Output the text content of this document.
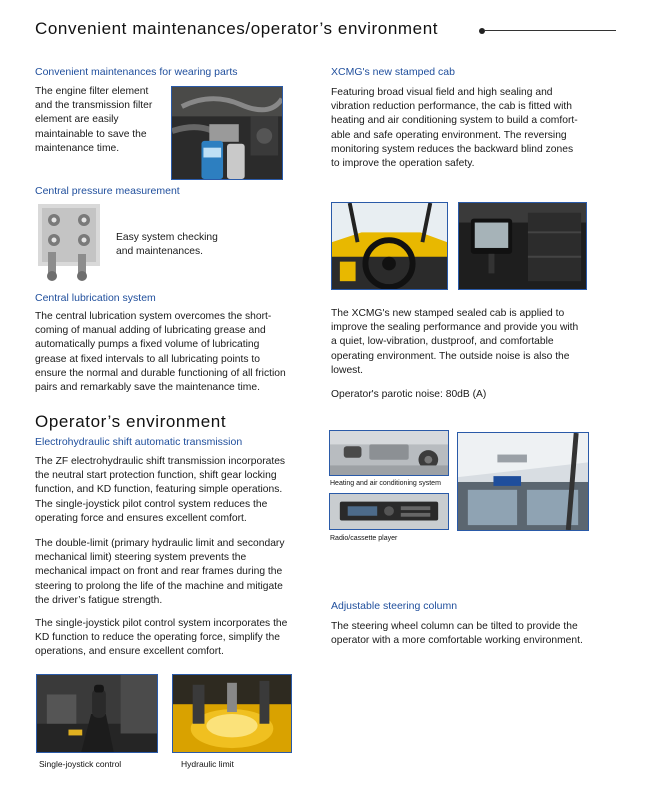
Convenient maintenances/operator’s environment
Convenient maintenances for wearing parts
The engine filter element
and the transmission filter
element are easily
maintainable to save the
maintenance time.
Central pressure measurement
Easy system checking
and maintenances.
Central lubrication system
The central lubrication system overcomes the short-
coming of manual adding of lubricating grease and
automatically pumps a fixed volume of lubricating
grease at fixed intervals to all lubricating points to
ensure the normal and durable functioning of all friction
pairs and remarkably save the maintenance time.
Operator’s environment
Electrohydraulic shift automatic transmission
The ZF electrohydraulic shift transmission incorporates
the neutral start protection function, shift gear locking
function, and KD function, featuring simple operations.
The single-joystick pilot control system reduces the
operating force and ensures excellent comfort.
The double-limit (primary hydraulic limit and secondary
mechanical limit) steering system prevents the
mechanical impact on front and rear frames during the
steering to prolong the life of the machine and mitigate
the driver’s fatigue strength.
The single-joystick pilot control system incorporates the
KD function to reduce the operating force, simplify the
operations, and ensure excellent comfort.
Single-joystick control	Hydraulic limit
XCMG's new stamped cab
Featuring broad visual field and high sealing and
vibration reduction performance, the cab is fitted with
heating and air conditioning system to build a comfort-
able and safe operating environment. The reversing
monitoring system reduces the backward blind zones
to improve the operation safety.
The XCMG's new stamped sealed cab is applied to
improve the sealing performance and provide you with
a quiet, low-vibration, dustproof, and comfortable
operating environment. The outside noise is also the
lowest.
Operator's parotic noise: 80dB (A)
Heating and air conditioning system
Radio/cassette player
Adjustable steering column
The steering wheel column can be tilted to provide the
operator with a more comfortable working environment.
